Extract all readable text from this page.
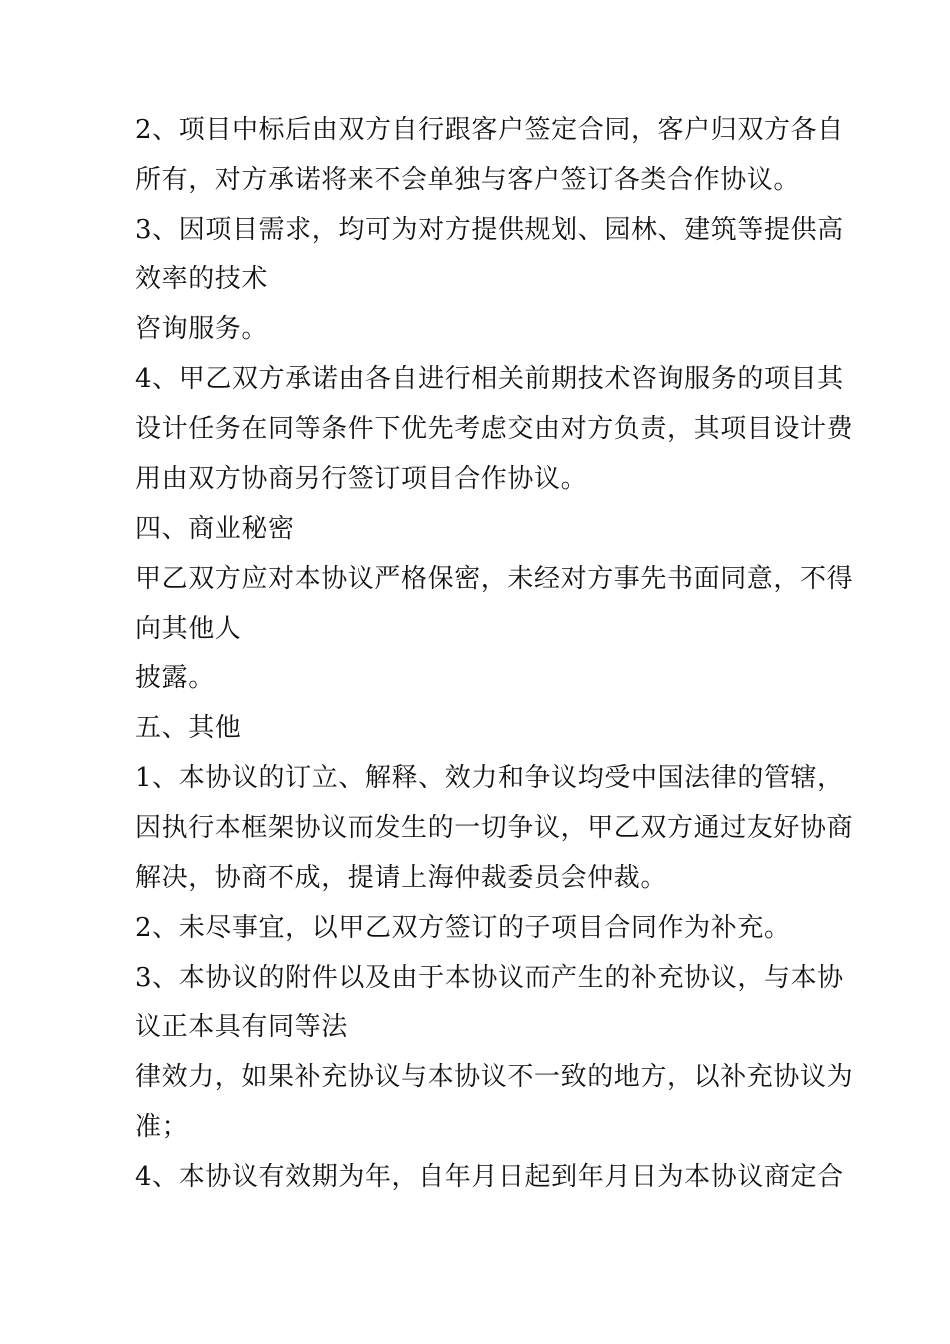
2、项目中标后由双方自行跟客户签定合同，客户归双方各自
所有，对方承诺将来不会单独与客户签订各类合作协议。
3、因项目需求，均可为对方提供规划、园林、建筑等提供高
效率的技术
咨询服务。
4、甲乙双方承诺由各自进行相关前期技术咨询服务的项目其
设计任务在同等条件下优先考虑交由对方负责，其项目设计费
用由双方协商另行签订项目合作协议。
四、商业秘密
甲乙双方应对本协议严格保密，未经对方事先书面同意，不得
向其他人
披露。
五、其他
1、本协议的订立、解释、效力和争议均受中国法律的管辖，
因执行本框架协议而发生的一切争议，甲乙双方通过友好协商
解决，协商不成，提请上海仲裁委员会仲裁。
2、未尽事宜，以甲乙双方签订的子项目合同作为补充。
3、本协议的附件以及由于本协议而产生的补充协议，与本协
议正本具有同等法
律效力，如果补充协议与本协议不一致的地方，以补充协议为
准；
4、本协议有效期为年，自年月日起到年月日为本协议商定合
